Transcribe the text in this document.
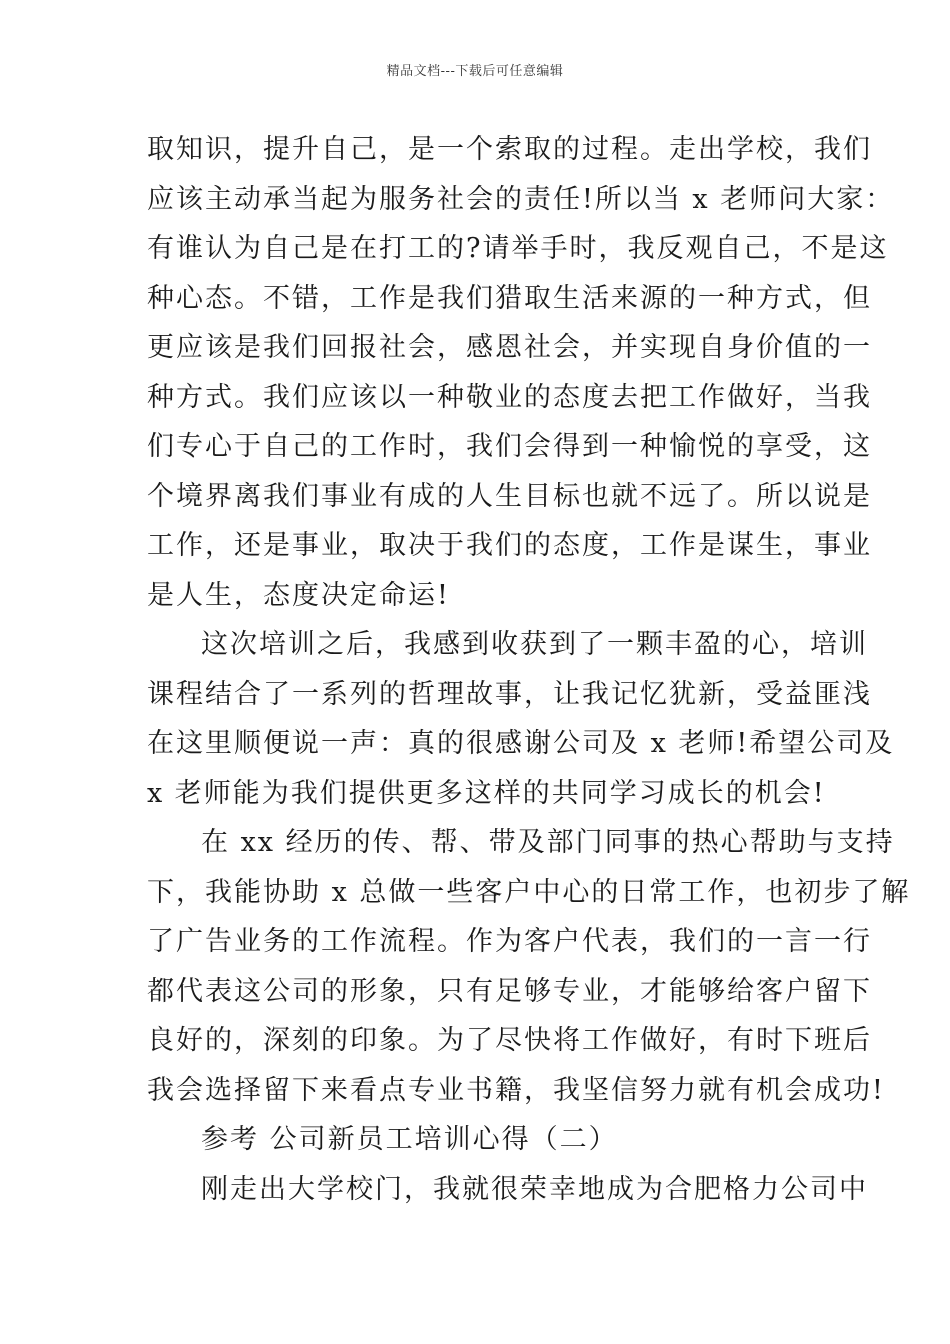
精品文档---下载后可任意编辑
取知识，提升自己，是一个索取的过程。走出学校，我们
应该主动承当起为服务社会的责任!所以当 x 老师问大家：
有谁认为自己是在打工的?请举手时，我反观自己，不是这
种心态。不错，工作是我们猎取生活来源的一种方式，但
更应该是我们回报社会，感恩社会，并实现自身价值的一
种方式。我们应该以一种敬业的态度去把工作做好，当我
们专心于自己的工作时，我们会得到一种愉悦的享受，这
个境界离我们事业有成的人生目标也就不远了。所以说是
工作，还是事业，取决于我们的态度，工作是谋生，事业
是人生，态度决定命运!
这次培训之后，我感到收获到了一颗丰盈的心，培训
课程结合了一系列的哲理故事，让我记忆犹新，受益匪浅
在这里顺便说一声：真的很感谢公司及 x 老师!希望公司及
x 老师能为我们提供更多这样的共同学习成长的机会!
在 xx 经历的传、帮、带及部门同事的热心帮助与支持
下，我能协助 x 总做一些客户中心的日常工作，也初步了解
了广告业务的工作流程。作为客户代表，我们的一言一行
都代表这公司的形象，只有足够专业，才能够给客户留下
良好的，深刻的印象。为了尽快将工作做好，有时下班后
我会选择留下来看点专业书籍，我坚信努力就有机会成功!
参考 公司新员工培训心得（二）
刚走出大学校门，我就很荣幸地成为合肥格力公司中
